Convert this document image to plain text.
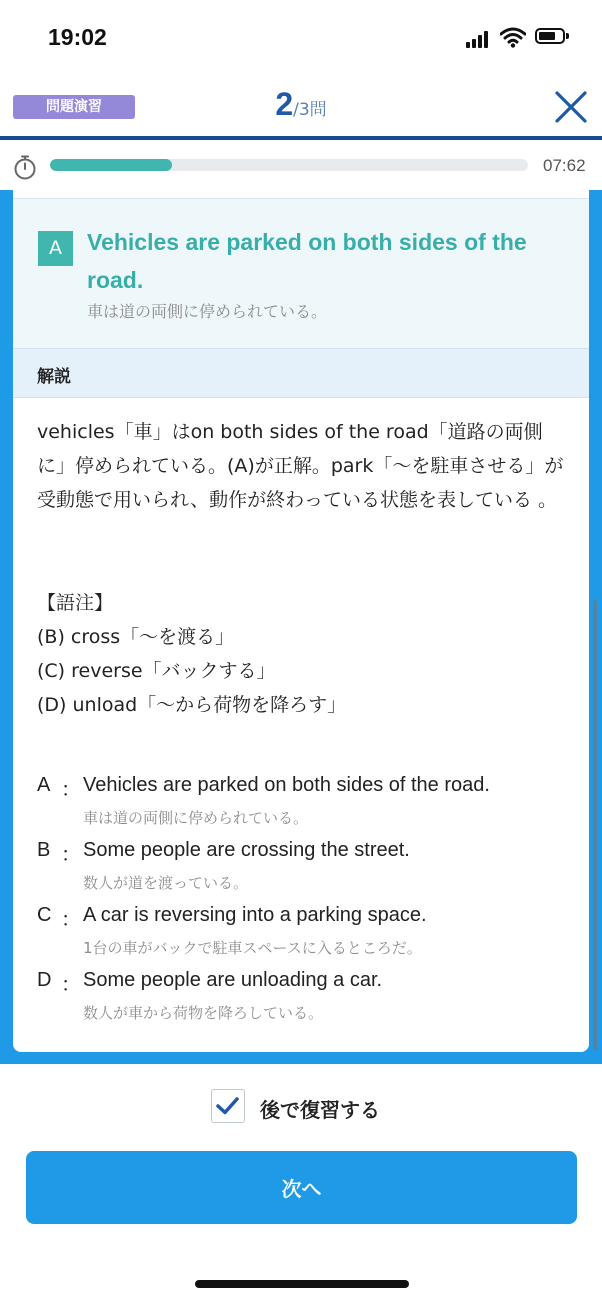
19:02
問題演習	2/3問
07:62
A	Vehicles are parked on both sides of the road.
車は道の両側に停められている。
解説
vehicles「車」はon both sides of the road「道路の両側に」停められている。(A)が正解。park「～を駐車させる」が受動態で用いられ、動作が終わっている状態を表している 。
【語注】
(B) cross「～を渡る」
(C) reverse「バックする」
(D) unload「～から荷物を降ろす」
A ： Vehicles are parked on both sides of the road.
車は道の両側に停められている。
B ： Some people are crossing the street.
数人が道を渡っている。
C ： A car is reversing into a parking space.
1台の車がバックで駐車スペースに入るところだ。
D ： Some people are unloading a car.
数人が車から荷物を降ろしている。
後で復習する
次へ
